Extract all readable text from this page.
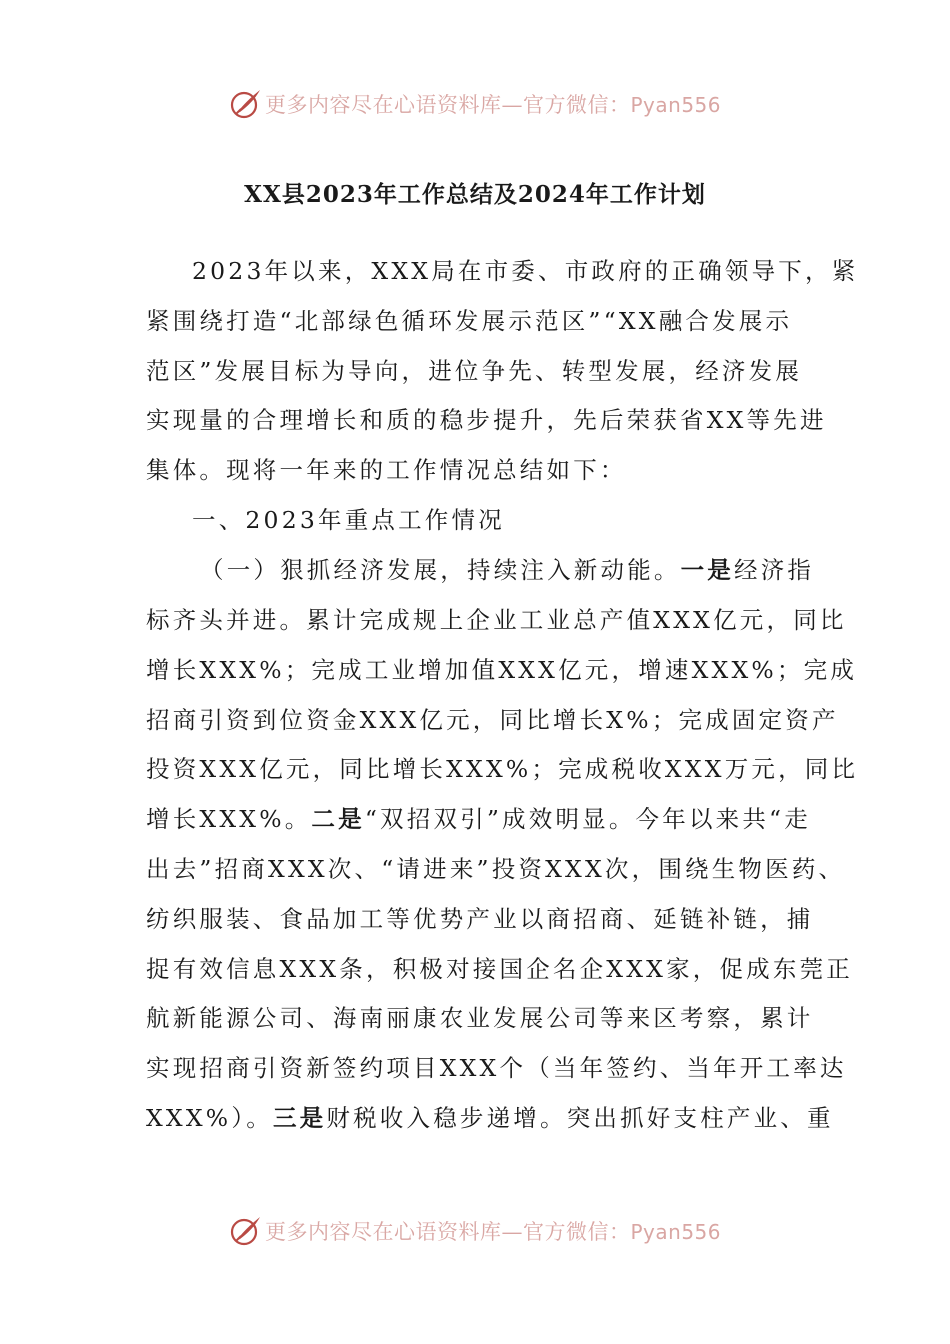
更多内容尽在心语资料库—官方微信：Pyan556
XX县2023年工作总结及2024年工作计划
2023年以来，XXX局在市委、市政府的正确领导下，紧
紧围绕打造“北部绿色循环发展示范区”“XX融合发展示
范区”发展目标为导向，进位争先、转型发展，经济发展
实现量的合理增长和质的稳步提升，先后荣获省XX等先进
集体。现将一年来的工作情况总结如下：
一、2023年重点工作情况
（一）狠抓经济发展，持续注入新动能。一是经济指
标齐头并进。累计完成规上企业工业总产值XXX亿元，同比
增长XXX%；完成工业增加值XXX亿元，增速XXX%；完成
招商引资到位资金XXX亿元，同比增长X%；完成固定资产
投资XXX亿元，同比增长XXX%；完成税收XXX万元，同比
增长XXX%。二是“双招双引”成效明显。今年以来共“走
出去”招商XXX次、“请进来”投资XXX次，围绕生物医药、
纺织服装、食品加工等优势产业以商招商、延链补链，捕
捉有效信息XXX条，积极对接国企名企XXX家，促成东莞正
航新能源公司、海南丽康农业发展公司等来区考察，累计
实现招商引资新签约项目XXX个（当年签约、当年开工率达
XXX%）。三是财税收入稳步递增。突出抓好支柱产业、重
更多内容尽在心语资料库—官方微信：Pyan556
